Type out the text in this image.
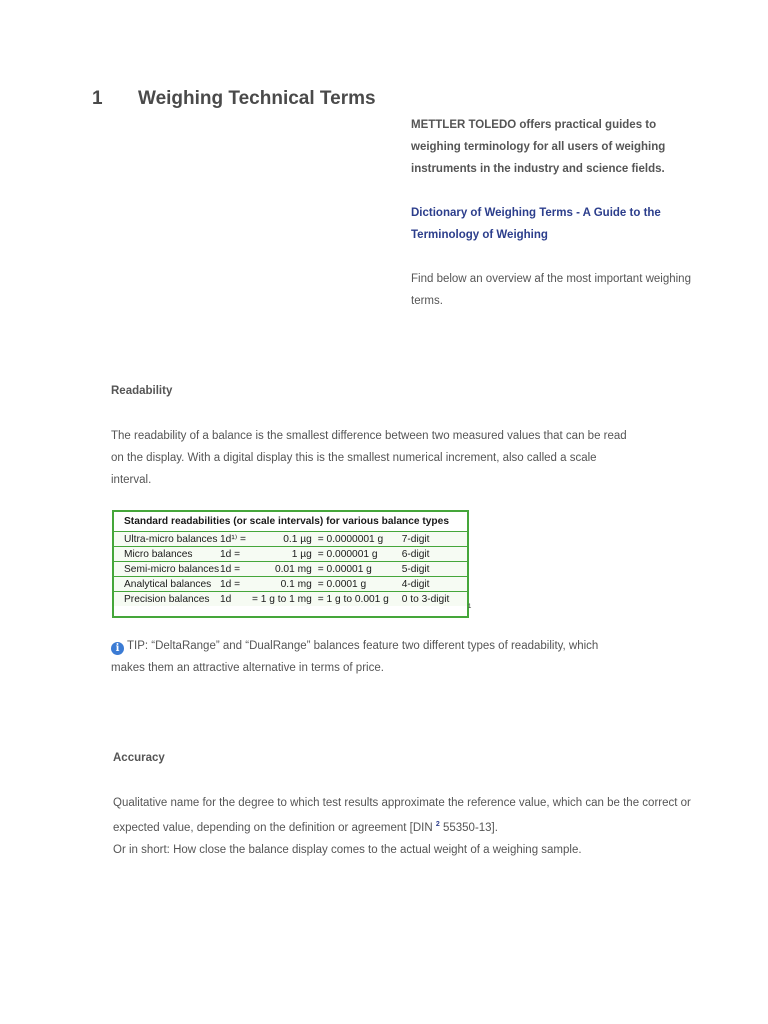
1 Weighing Technical Terms
METTLER TOLEDO offers practical guides to weighing terminology for all users of weighing instruments in the industry and science fields.
Dictionary of Weighing Terms - A Guide to the Terminology of Weighing
Find below an overview af the most important weighing terms.
Readability
The readability of a balance is the smallest difference between two measured values that can be read on the display. With a digital display this is the smallest numerical increment, also called a scale interval.
Standard readabilities (or scale intervals) for various balance types				
Ultra-micro balances	1d¹⁾ =	0.1 µg	= 0.0000001 g	7-digit
Micro balances	1d =	1 µg	= 0.000001 g	6-digit
Semi-micro balances	1d =	0.01 mg	= 0.00001 g	5-digit
Analytical balances	1d =	0.1 mg	= 0.0001 g	4-digit
Precision balances	1d	= 1 g to 1 mg	= 1 g to 0.001 g	0 to 3-digit
1
i TIP: “DeltaRange” and “DualRange” balances feature two different types of readability, which makes them an attractive alternative in terms of price.
Accuracy
Qualitative name for the degree to which test results approximate the reference value, which can be the correct or expected value, depending on the definition or agreement [DIN $^2$ 55350-13].
Or in short: How close the balance display comes to the actual weight of a weighing sample.
